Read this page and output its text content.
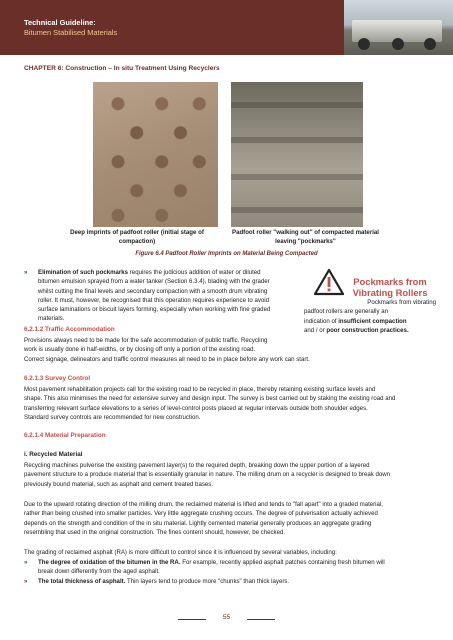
Technical Guideline:
Bitumen Stabilised Materials
CHAPTER 6: Construction – In situ Treatment Using Recyclers
Deep imprints of padfoot roller (initial stage of compaction)
Padfoot roller "walking out" of compacted material leaving "pockmarks"
Figure 6.4 Padfoot Roller Imprints on Material Being Compacted
» Elimination of such pockmarks requires the judicious addition of water or diluted
bitumen emulsion sprayed from a water tanker (Section 6.3.4), blading with the grader
whilst cutting the final levels and secondary compaction with a smooth drum vibrating
roller. It must, however, be recognised that this operation requires experience to avoid
surface laminations or biscuit layers forming, especially when working with fine graded
materials.
Pockmarks from Vibrating Rollers
Pockmarks from vibrating
padfoot rollers are generally an
indication of insufficient compaction
and / or poor construction practices.
6.2.1.2 Traffic Accommodation
Provisions always need to be made for the safe accommodation of public traffic. Recycling
work is usually done in half-widths, or by closing off only a portion of the existing road.
Correct signage, delineators and traffic control measures all need to be in place before any work can start.
6.2.1.3 Survey Control
Most pavement rehabilitation projects call for the existing road to be recycled in place, thereby retaining existing surface levels and
shape. This also minimises the need for extensive survey and design input. The survey is best carried out by staking the existing road and
transferring relevant surface elevations to a series of level-control posts placed at regular intervals outside both shoulder edges.
Standard survey controls are recommended for new construction.
6.2.1.4 Material Preparation
i. Recycled Material
Recycling machines pulverise the existing pavement layer(s) to the required depth, breaking down the upper portion of a layered
pavement structure to a produce material that is essentially granular in nature. The milling drum on a recycler is designed to break down
previously bound material, such as asphalt and cement treated bases.
Due to the upward rotating direction of the milling drum, the reclaimed material is lifted and tends to "fall apart" into a graded material,
rather than being crushed into smaller particles. Very little aggregate crushing occurs. The degree of pulverisation actually achieved
depends on the strength and condition of the in situ material. Lightly cemented material generally produces an aggregate grading
resembling that used in the original construction. The fines content should, however, be checked.
The grading of reclaimed asphalt (RA) is more difficult to control since it is influenced by several variables, including:
» The degree of oxidation of the bitumen in the RA. For example, recently applied asphalt patches containing fresh bitumen will
break down differently from the aged asphalt.
» The total thickness of asphalt. Thin layers tend to produce more "chunks" than thick layers.
55
